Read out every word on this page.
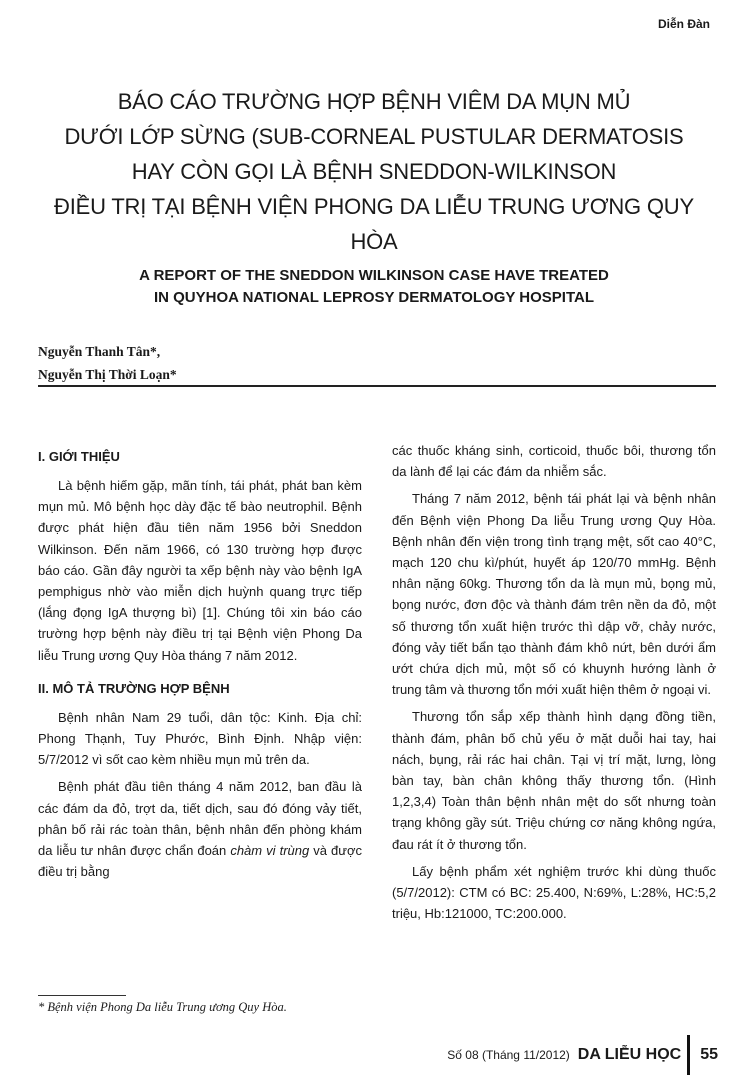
Diễn Đàn
BÁO CÁO TRƯỜNG HỢP BỆNH VIÊM DA MỤN MỦ
DƯỚI LỚP SỪNG (SUB-CORNEAL PUSTULAR DERMATOSIS
HAY CÒN GỌI LÀ BỆNH SNEDDON-WILKINSON
ĐIỀU TRỊ TẠI BỆNH VIỆN PHONG DA LIỄU TRUNG ƯƠNG QUY HÒA
A REPORT OF THE SNEDDON WILKINSON CASE HAVE TREATED
IN QUYHOA NATIONAL LEPROSY DERMATOLOGY HOSPITAL
Nguyễn Thanh Tân*,
Nguyễn Thị Thời Loạn*
I. GIỚI THIỆU

Là bệnh hiếm gặp, mãn tính, tái phát, phát ban kèm mụn mủ. Mô bệnh học dày đặc tế bào neutrophil. Bệnh được phát hiện đầu tiên năm 1956 bởi Sneddon Wilkinson. Đến năm 1966, có 130 trường hợp được báo cáo. Gần đây người ta xếp bệnh này vào bệnh IgA pemphigus nhờ vào miễn dịch huỳnh quang trực tiếp (lắng đọng IgA thượng bì) [1]. Chúng tôi xin báo cáo trường hợp bệnh này điều trị tại Bệnh viện Phong Da liễu Trung ương Quy Hòa tháng 7 năm 2012.

II. MÔ TẢ TRƯỜNG HỢP BỆNH

Bệnh nhân Nam 29 tuổi, dân tộc: Kinh. Địa chỉ: Phong Thạnh, Tuy Phước, Bình Định. Nhập viện: 5/7/2012 vì sốt cao kèm nhiều mụn mủ trên da.

Bệnh phát đầu tiên tháng 4 năm 2012, ban đầu là các đám da đỏ, trợt da, tiết dịch, sau đó đóng vảy tiết, phân bố rải rác toàn thân, bệnh nhân đến phòng khám da liễu tư nhân được chẩn đoán chàm vi trùng và được điều trị bằng

các thuốc kháng sinh, corticoid, thuốc bôi, thương tổn da lành để lại các đám da nhiễm sắc.

Tháng 7 năm 2012, bệnh tái phát lại và bệnh nhân đến Bệnh viện Phong Da liễu Trung ương Quy Hòa. Bệnh nhân đến viện trong tình trạng mệt, sốt cao 40°C, mạch 120 chu kì/phút, huyết áp 120/70 mmHg. Bệnh nhân nặng 60kg. Thương tổn da là mụn mủ, bọng mủ, bọng nước, đơn độc và thành đám trên nền da đỏ, một số thương tổn xuất hiện trước thì dập vỡ, chảy nước, đóng vảy tiết bẩn tạo thành đám khô nứt, bên dưới ẩm ướt chứa dịch mủ, một số có khuynh hướng lành ở trung tâm và thương tổn mới xuất hiện thêm ở ngoại vi.

Thương tổn sắp xếp thành hình dạng đồng tiền, thành đám, phân bố chủ yếu ở mặt duỗi hai tay, hai nách, bụng, rải rác hai chân. Tại vị trí mặt, lưng, lòng bàn tay, bàn chân không thấy thương tổn. (Hình 1,2,3,4) Toàn thân bệnh nhân mệt do sốt nhưng toàn trạng không gầy sút. Triệu chứng cơ năng không ngứa, đau rát ít ở thương tổn.

Lấy bệnh phẩm xét nghiệm trước khi dùng thuốc (5/7/2012): CTM có BC: 25.400, N:69%, L:28%, HC:5,2 triệu, Hb:121000, TC:200.000.

* Bệnh viện Phong Da liễu Trung ương Quy Hòa.
Số 08 (Tháng 11/2012) DA LIỄU HỌC 55
